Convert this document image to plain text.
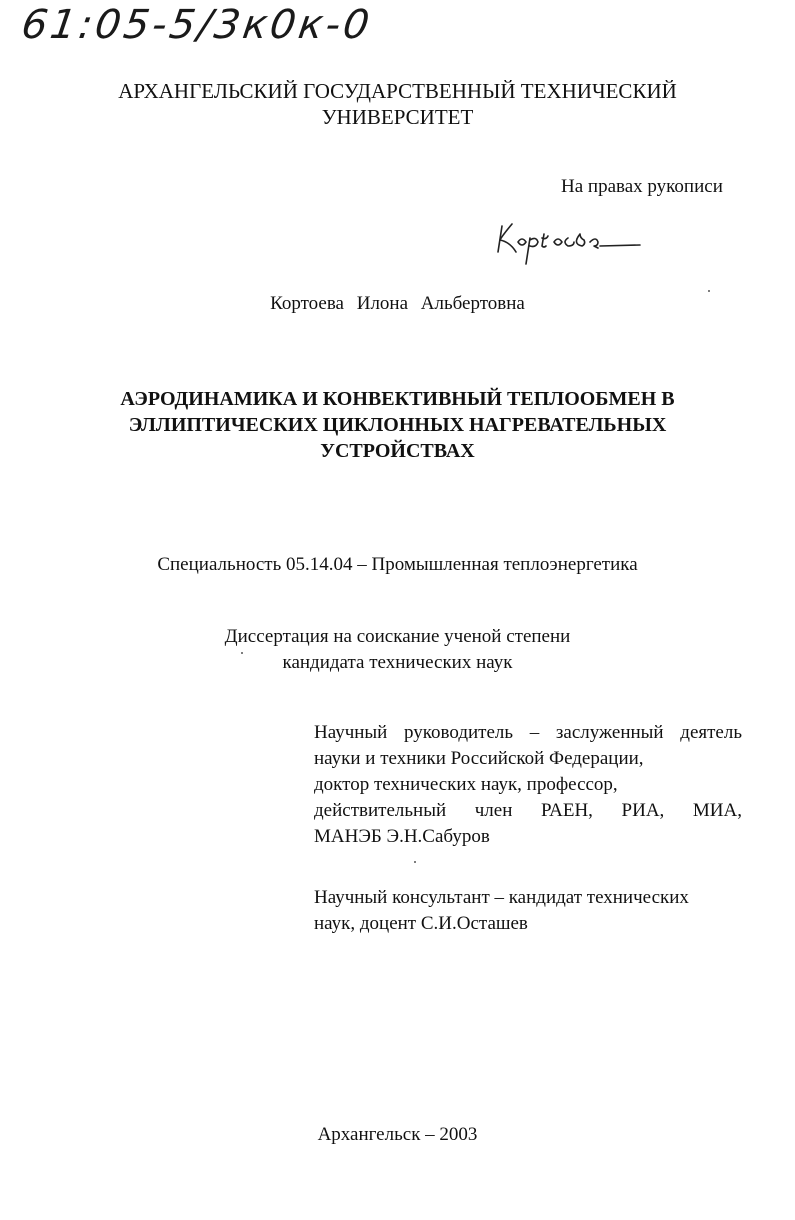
61:05-5/3к0к-0
АРХАНГЕЛЬСКИЙ ГОСУДАРСТВЕННЫЙ ТЕХНИЧЕСКИЙ
УНИВЕРСИТЕТ
На правах рукописи
Кортоева Илона Альбертовна
АЭРОДИНАМИКА И КОНВЕКТИВНЫЙ ТЕПЛООБМЕН В
ЭЛЛИПТИЧЕСКИХ ЦИКЛОННЫХ НАГРЕВАТЕЛЬНЫХ
УСТРОЙСТВАХ
Специальность 05.14.04 – Промышленная теплоэнергетика
Диссертация на соискание ученой степени
кандидата технических наук
Научный руководитель – заслуженный деятель
науки и техники Российской Федерации,
доктор технических наук, профессор,
действительный член РАЕН, РИА, МИА,
МАНЭБ Э.Н.Сабуров
Научный консультант – кандидат технических
наук, доцент С.И.Осташев
Архангельск – 2003
